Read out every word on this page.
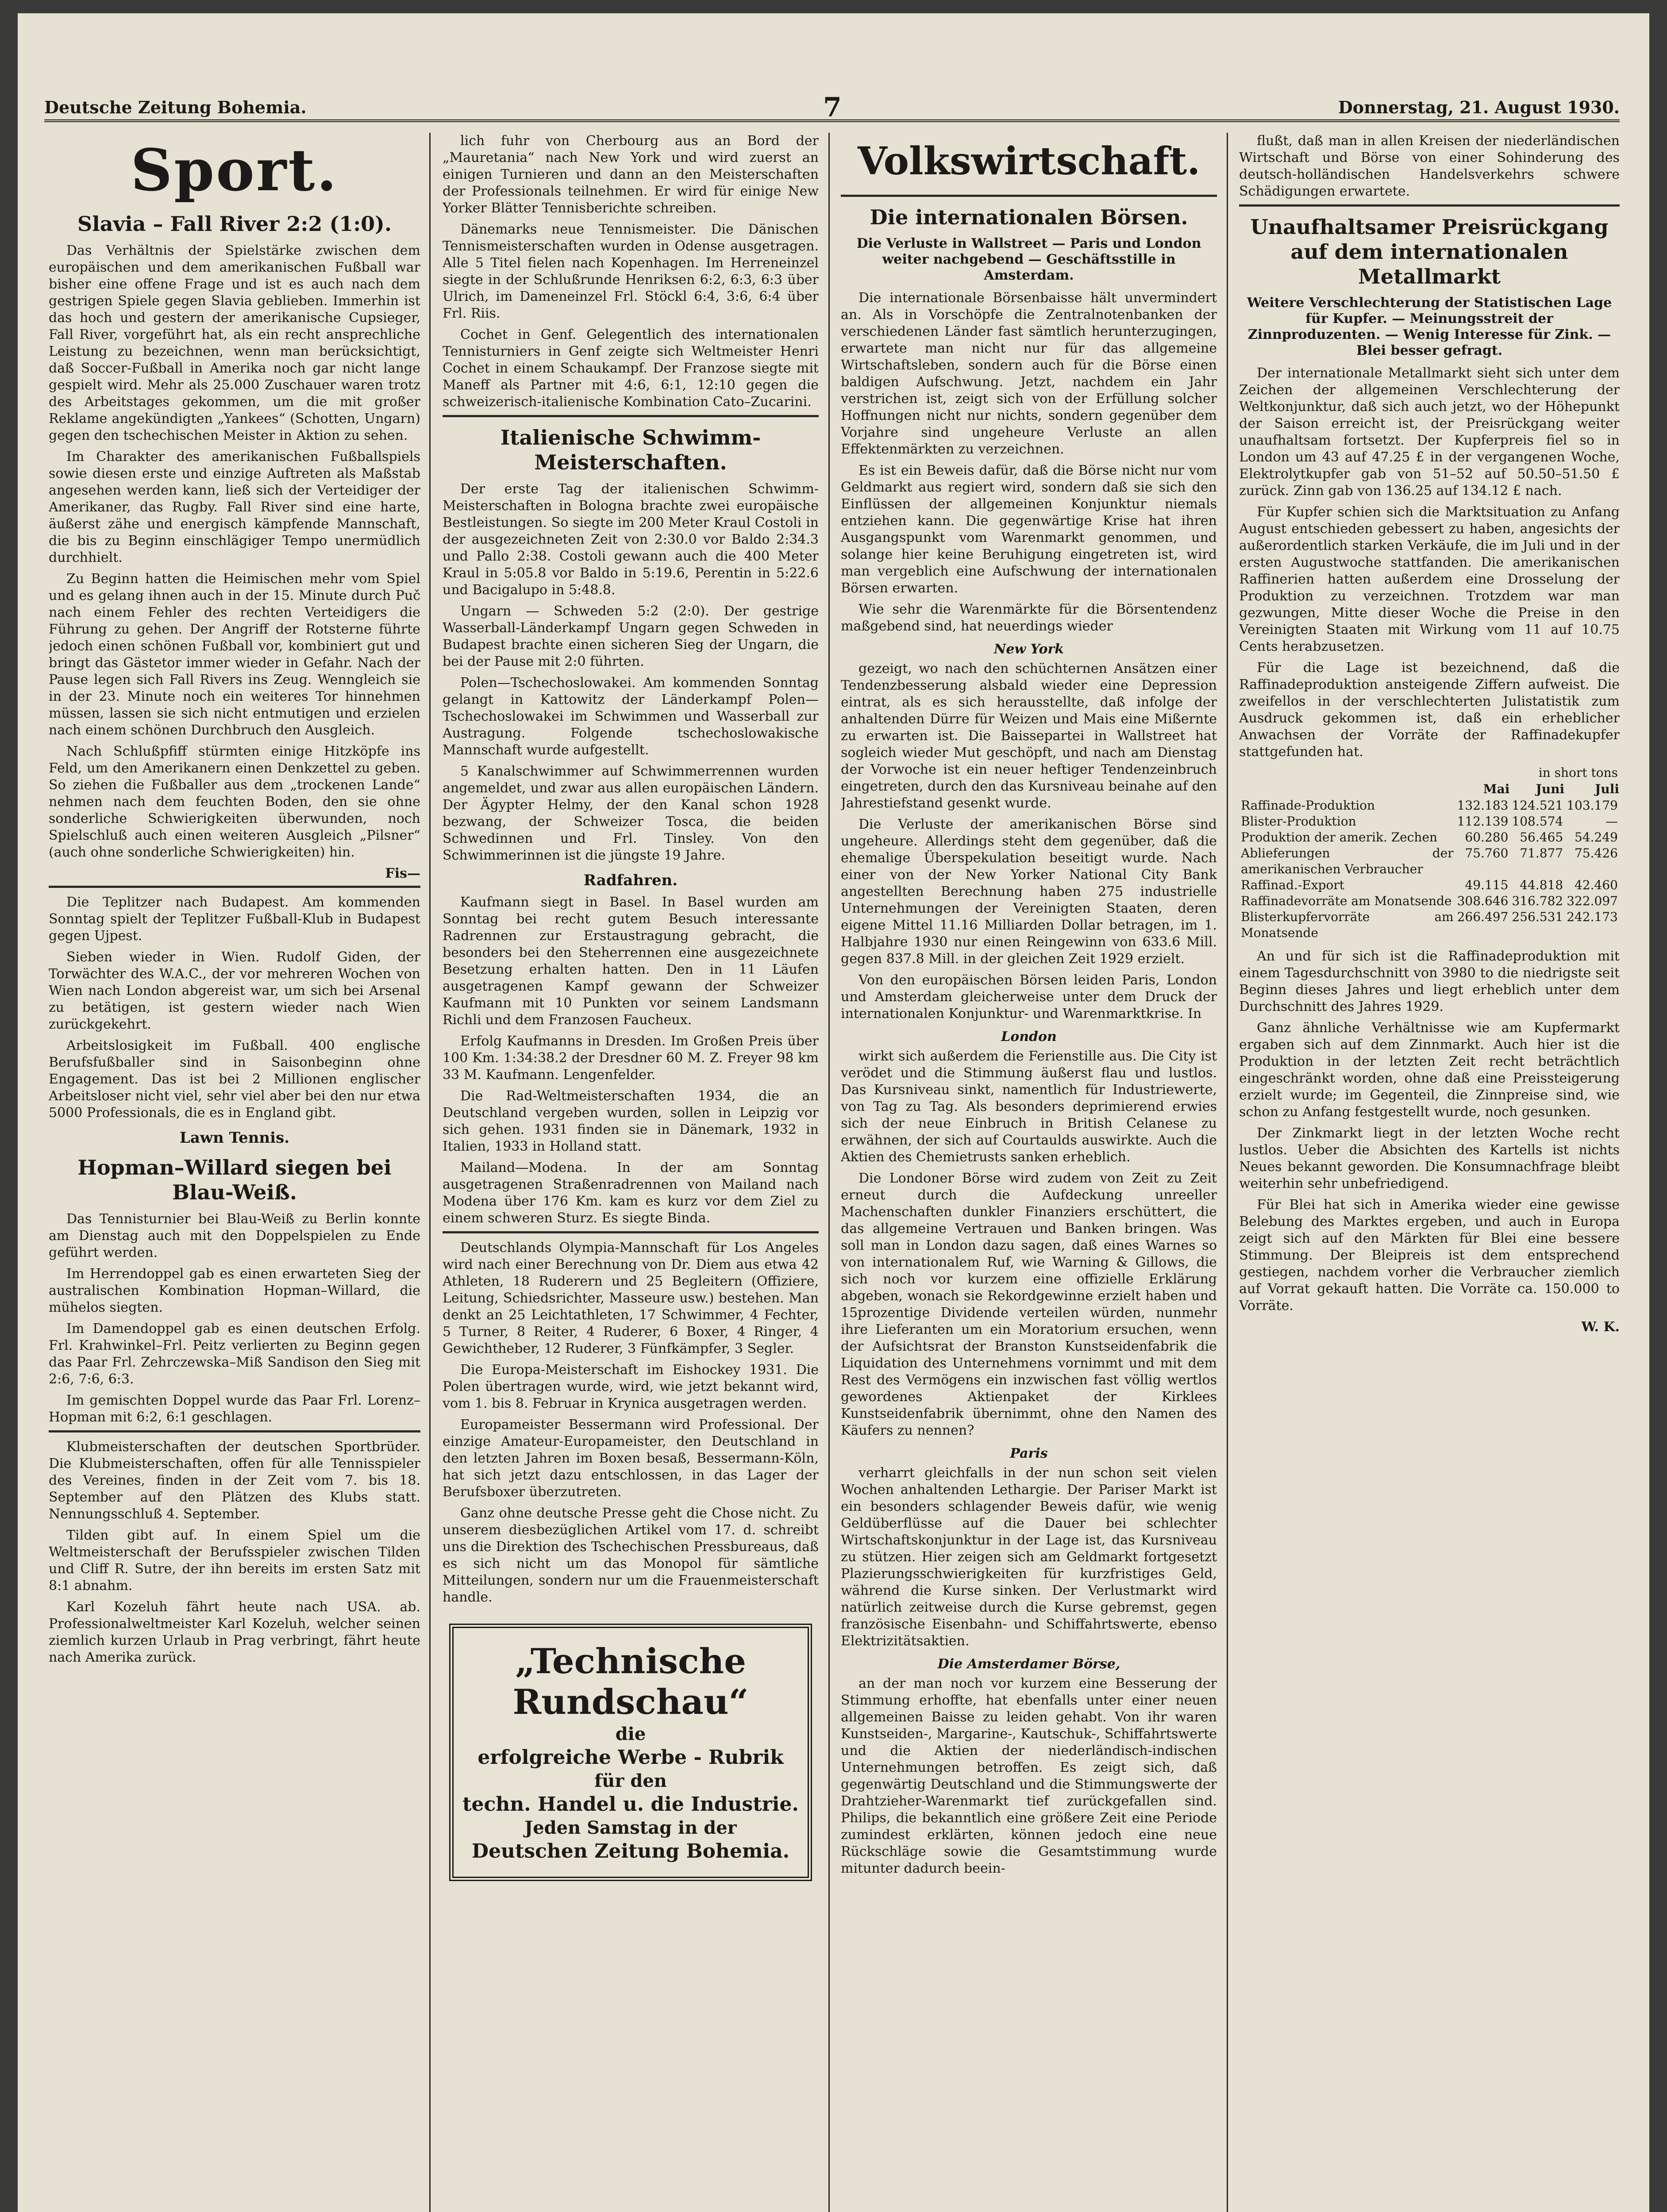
Deutsche Zeitung Bohemia.	7	Donnerstag, 21. August 1930.
Sport.
Slavia – Fall River 2:2 (1:0).

Das Verhältnis der Spielstärke zwischen dem europäischen und dem amerikanischen Fußball war bisher eine offene Frage und ist es auch nach dem gestrigen Spiele gegen Slavia geblieben. Immerhin ist das hoch und gestern der amerikanische Cupsieger, Fall River, vorgeführt hat, als ein recht ansprechliche Leistung zu bezeichnen, wenn man berücksichtigt, daß Soccer-Fußball in Amerika noch gar nicht lange gespielt wird. Mehr als 25.000 Zuschauer waren trotz des Arbeitstages gekommen, um die mit großer Reklame angekündigten „Yankees“ (Schotten, Ungarn) gegen den tschechischen Meister in Aktion zu sehen.

Im Charakter des amerikanischen Fußballspiels sowie diesen erste und einzige Auftreten als Maßstab angesehen werden kann, ließ sich der Verteidiger der Amerikaner, das Rugby. Fall River sind eine harte, äußerst zähe und energisch kämpfende Mannschaft, die bis zu Beginn einschlägiger Tempo unermüdlich durchhielt.

Zu Beginn hatten die Heimischen mehr vom Spiel und es gelang ihnen auch in der 15. Minute durch Puč nach einem Fehler des rechten Verteidigers die Führung zu gehen. Der Angriff der Rotsterne führte jedoch einen schönen Fußball vor, kombiniert gut und bringt das Gästetor immer wieder in Gefahr. Nach der Pause legen sich Fall Rivers ins Zeug. Wenngleich sie in der 23. Minute noch ein weiteres Tor hinnehmen müssen, lassen sie sich nicht entmutigen und erzielen nach einem schönen Durchbruch den Ausgleich.

Nach Schlußpfiff stürmten einige Hitzköpfe ins Feld, um den Amerikanern einen Denkzettel zu geben. So ziehen die Fußballer aus dem „trockenen Lande“ nehmen nach dem feuchten Boden, den sie ohne sonderliche Schwierigkeiten überwunden, noch Spielschluß auch einen weiteren Ausgleich „Pilsner“ (auch ohne sonderliche Schwierigkeiten) hin.

Fis—

Die Teplitzer nach Budapest. Am kommenden Sonntag spielt der Teplitzer Fußball-Klub in Budapest gegen Ujpest.

Sieben wieder in Wien. Rudolf Giden, der Torwächter des W.A.C., der vor mehreren Wochen von Wien nach London abgereist war, um sich bei Arsenal zu betätigen, ist gestern wieder nach Wien zurückgekehrt.

Arbeitslosigkeit im Fußball. 400 englische Berufsfußballer sind in Saisonbeginn ohne Engagement. Das ist bei 2 Millionen englischer Arbeitsloser nicht viel, sehr viel aber bei den nur etwa 5000 Professionals, die es in England gibt.

Lawn Tennis.
Hopman–Willard siegen bei Blau-Weiß.

Das Tennisturnier bei Blau-Weiß zu Berlin konnte am Dienstag auch mit den Doppelspielen zu Ende geführt werden.

Im Herrendoppel gab es einen erwarteten Sieg der australischen Kombination Hopman–Willard, die mühelos siegten.

Im Damendoppel gab es einen deutschen Erfolg. Frl. Krahwinkel–Frl. Peitz verlierten zu Beginn gegen das Paar Frl. Zehrczewska–Miß Sandison den Sieg mit 2:6, 7:6, 6:3.

Im gemischten Doppel wurde das Paar Frl. Lorenz–Hopman mit 6:2, 6:1 geschlagen.

Klubmeisterschaften der deutschen Sportbrüder. Die Klubmeisterschaften, offen für alle Tennisspieler des Vereines, finden in der Zeit vom 7. bis 18. September auf den Plätzen des Klubs statt. Nennungsschluß 4. September.

Tilden gibt auf. In einem Spiel um die Weltmeisterschaft der Berufsspieler zwischen Tilden und Cliff R. Sutre, der ihn bereits im ersten Satz mit 8:1 abnahm.

Karl Kozeluh fährt heute nach USA. ab. Professionalweltmeister Karl Kozeluh, welcher seinen ziemlich kurzen Urlaub in Prag verbringt, fährt heute nach Amerika zurück.

lich fuhr von Cherbourg aus an Bord der „Mauretania“ nach New York und wird zuerst an einigen Turnieren und dann an den Meisterschaften der Professionals teilnehmen. Er wird für einige New Yorker Blätter Tennisberichte schreiben.

Dänemarks neue Tennismeister. Die Dänischen Tennismeisterschaften wurden in Odense ausgetragen. Alle 5 Titel fielen nach Kopenhagen. Im Herreneinzel siegte in der Schlußrunde Henriksen 6:2, 6:3, 6:3 über Ulrich, im Dameneinzel Frl. Stöckl 6:4, 3:6, 6:4 über Frl. Riis.

Cochet in Genf. Gelegentlich des internationalen Tennisturniers in Genf zeigte sich Weltmeister Henri Cochet in einem Schaukampf. Der Franzose siegte mit Maneff als Partner mit 4:6, 6:1, 12:10 gegen die schweizerisch-italienische Kombination Cato–Zucarini.

Italienische Schwimm-Meisterschaften.

Der erste Tag der italienischen Schwimm-Meisterschaften in Bologna brachte zwei europäische Bestleistungen. So siegte im 200 Meter Kraul Costoli in der ausgezeichneten Zeit von 2:30.0 vor Baldo 2:34.3 und Pallo 2:38. Costoli gewann auch die 400 Meter Kraul in 5:05.8 vor Baldo in 5:19.6, Perentin in 5:22.6 und Bacigalupo in 5:48.8.

Ungarn — Schweden 5:2 (2:0). Der gestrige Wasserball-Länderkampf Ungarn gegen Schweden in Budapest brachte einen sicheren Sieg der Ungarn, die bei der Pause mit 2:0 führten.

Polen—Tschechoslowakei. Am kommenden Sonntag gelangt in Kattowitz der Länderkampf Polen—Tschechoslowakei im Schwimmen und Wasserball zur Austragung. Folgende tschechoslowakische Mannschaft wurde aufgestellt.

5 Kanalschwimmer auf Schwimmerrennen wurden angemeldet, und zwar aus allen europäischen Ländern. Der Ägypter Helmy, der den Kanal schon 1928 bezwang, der Schweizer Tosca, die beiden Schwedinnen und Frl. Tinsley. Von den Schwimmerinnen ist die jüngste 19 Jahre.

Radfahren.

Kaufmann siegt in Basel. In Basel wurden am Sonntag bei recht gutem Besuch interessante Radrennen zur Erstaustragung gebracht, die besonders bei den Steherrennen eine ausgezeichnete Besetzung erhalten hatten. Den in 11 Läufen ausgetragenen Kampf gewann der Schweizer Kaufmann mit 10 Punkten vor seinem Landsmann Richli und dem Franzosen Faucheux.

Erfolg Kaufmanns in Dresden. Im Großen Preis über 100 Km. 1:34:38.2 der Dresdner 60 M. Z. Freyer 98 km 33 M. Kaufmann. Lengenfelder.

Die Rad-Weltmeisterschaften 1934, die an Deutschland vergeben wurden, sollen in Leipzig vor sich gehen. 1931 finden sie in Dänemark, 1932 in Italien, 1933 in Holland statt.

Mailand—Modena. In der am Sonntag ausgetragenen Straßenradrennen von Mailand nach Modena über 176 Km. kam es kurz vor dem Ziel zu einem schweren Sturz. Es siegte Binda.

Deutschlands Olympia-Mannschaft für Los Angeles wird nach einer Berechnung von Dr. Diem aus etwa 42 Athleten, 18 Ruderern und 25 Begleitern (Offiziere, Leitung, Schiedsrichter, Masseure usw.) bestehen. Man denkt an 25 Leichtathleten, 17 Schwimmer, 4 Fechter, 5 Turner, 8 Reiter, 4 Ruderer, 6 Boxer, 4 Ringer, 4 Gewichtheber, 12 Ruderer, 3 Fünfkämpfer, 3 Segler.

Die Europa-Meisterschaft im Eishockey 1931. Die Polen übertragen wurde, wird, wie jetzt bekannt wird, vom 1. bis 8. Februar in Krynica ausgetragen werden.

Europameister Bessermann wird Professional. Der einzige Amateur-Europameister, den Deutschland in den letzten Jahren im Boxen besaß, Bessermann-Köln, hat sich jetzt dazu entschlossen, in das Lager der Berufsboxer überzutreten.

Ganz ohne deutsche Presse geht die Chose nicht. Zu unserem diesbezüglichen Artikel vom 17. d. schreibt uns die Direktion des Tschechischen Pressbureaus, daß es sich nicht um das Monopol für sämtliche Mitteilungen, sondern nur um die Frauenmeisterschaft handle.

„Technische Rundschau“
die
erfolgreiche Werbe - Rubrik
für den
techn. Handel u. die Industrie.
Jeden Samstag in der
Deutschen Zeitung Bohemia.
Volkswirtschaft.
Die internationalen Börsen.
Die Verluste in Wallstreet — Paris und London weiter nachgebend — Geschäftsstille in Amsterdam.

Die internationale Börsenbaisse hält unvermindert an. Als in Vorschöpfe die Zentralnotenbanken der verschiedenen Länder fast sämtlich herunterzugingen, erwartete man nicht nur für das allgemeine Wirtschaftsleben, sondern auch für die Börse einen baldigen Aufschwung. Jetzt, nachdem ein Jahr verstrichen ist, zeigt sich von der Erfüllung solcher Hoffnungen nicht nur nichts, sondern gegenüber dem Vorjahre sind ungeheure Verluste an allen Effektenmärkten zu verzeichnen.

Es ist ein Beweis dafür, daß die Börse nicht nur vom Geldmarkt aus regiert wird, sondern daß sie sich den Einflüssen der allgemeinen Konjunktur niemals entziehen kann. Die gegenwärtige Krise hat ihren Ausgangspunkt vom Warenmarkt genommen, und solange hier keine Beruhigung eingetreten ist, wird man vergeblich eine Aufschwung der internationalen Börsen erwarten.

Wie sehr die Warenmärkte für die Börsentendenz maßgebend sind, hat neuerdings wieder

New York

gezeigt, wo nach den schüchternen Ansätzen einer Tendenzbesserung alsbald wieder eine Depression eintrat, als es sich herausstellte, daß infolge der anhaltenden Dürre für Weizen und Mais eine Mißernte zu erwarten ist. Die Baissepartei in Wallstreet hat sogleich wieder Mut geschöpft, und nach am Dienstag der Vorwoche ist ein neuer heftiger Tendenzeinbruch eingetreten, durch den das Kursniveau beinahe auf den Jahrestiefstand gesenkt wurde.

Die Verluste der amerikanischen Börse sind ungeheure. Allerdings steht dem gegenüber, daß die ehemalige Überspekulation beseitigt wurde. Nach einer von der New Yorker National City Bank angestellten Berechnung haben 275 industrielle Unternehmungen der Vereinigten Staaten, deren eigene Mittel 11.16 Milliarden Dollar betragen, im 1. Halbjahre 1930 nur einen Reingewinn von 633.6 Mill. gegen 837.8 Mill. in der gleichen Zeit 1929 erzielt.

Von den europäischen Börsen leiden Paris, London und Amsterdam gleicherweise unter dem Druck der internationalen Konjunktur- und Warenmarktkrise. In

London

wirkt sich außerdem die Ferienstille aus. Die City ist verödet und die Stimmung äußerst flau und lustlos. Das Kursniveau sinkt, namentlich für Industriewerte, von Tag zu Tag. Als besonders deprimierend erwies sich der neue Einbruch in British Celanese zu erwähnen, der sich auf Courtaulds auswirkte. Auch die Aktien des Chemietrusts sanken erheblich.

Die Londoner Börse wird zudem von Zeit zu Zeit erneut durch die Aufdeckung unreeller Machenschaften dunkler Finanziers erschüttert, die das allgemeine Vertrauen und Banken bringen. Was soll man in London dazu sagen, daß eines Warnes so von internationalem Ruf, wie Warning & Gillows, die sich noch vor kurzem eine offizielle Erklärung abgeben, wonach sie Rekordgewinne erzielt haben und 15prozentige Dividende verteilen würden, nunmehr ihre Lieferanten um ein Moratorium ersuchen, wenn der Aufsichtsrat der Branston Kunstseidenfabrik die Liquidation des Unternehmens vornimmt und mit dem Rest des Vermögens ein inzwischen fast völlig wertlos gewordenes Aktienpaket der Kirklees Kunstseidenfabrik übernimmt, ohne den Namen des Käufers zu nennen?

Paris

verharrt gleichfalls in der nun schon seit vielen Wochen anhaltenden Lethargie. Der Pariser Markt ist ein besonders schlagender Beweis dafür, wie wenig Geldüberflüsse auf die Dauer bei schlechter Wirtschaftskonjunktur in der Lage ist, das Kursniveau zu stützen. Hier zeigen sich am Geldmarkt fortgesetzt Plazierungsschwierigkeiten für kurzfristiges Geld, während die Kurse sinken. Der Verlustmarkt wird natürlich zeitweise durch die Kurse gebremst, gegen französische Eisenbahn- und Schiffahrtswerte, ebenso Elektrizitätsaktien.

Die Amsterdamer Börse,

an der man noch vor kurzem eine Besserung der Stimmung erhoffte, hat ebenfalls unter einer neuen allgemeinen Baisse zu leiden gehabt. Von ihr waren Kunstseiden-, Margarine-, Kautschuk-, Schiffahrtswerte und die Aktien der niederländisch-indischen Unternehmungen betroffen. Es zeigt sich, daß gegenwärtig Deutschland und die Stimmungswerte der Drahtzieher-Warenmarkt tief zurückgefallen sind. Philips, die bekanntlich eine größere Zeit eine Periode zumindest erklärten, können jedoch eine neue Rückschläge sowie die Gesamtstimmung wurde mitunter dadurch beein-

flußt, daß man in allen Kreisen der niederländischen Wirtschaft und Börse von einer Sohinderung des deutsch-holländischen Handelsverkehrs schwere Schädigungen erwartete.

Unaufhaltsamer Preisrückgang auf dem internationalen Metallmarkt
Weitere Verschlechterung der Statistischen Lage für Kupfer. — Meinungsstreit der Zinnproduzenten. — Wenig Interesse für Zink. — Blei besser gefragt.

Der internationale Metallmarkt sieht sich unter dem Zeichen der allgemeinen Verschlechterung der Weltkonjunktur, daß sich auch jetzt, wo der Höhepunkt der Saison erreicht ist, der Preisrückgang weiter unaufhaltsam fortsetzt. Der Kupferpreis fiel so in London um 43 auf 47.25 £ in der vergangenen Woche, Elektrolytkupfer gab von 51–52 auf 50.50–51.50 £ zurück. Zinn gab von 136.25 auf 134.12 £ nach.

Für Kupfer schien sich die Marktsituation zu Anfang August entschieden gebessert zu haben, angesichts der außerordentlich starken Verkäufe, die im Juli und in der ersten Augustwoche stattfanden. Die amerikanischen Raffinerien hatten außerdem eine Drosselung der Produktion zu verzeichnen. Trotzdem war man gezwungen, Mitte dieser Woche die Preise in den Vereinigten Staaten mit Wirkung vom 11 auf 10.75 Cents herabzusetzen.

Für die Lage ist bezeichnend, daß die Raffinadeproduktion ansteigende Ziffern aufweist. Die zweifellos in der verschlechterten Julistatistik zum Ausdruck gekommen ist, daß ein erheblicher Anwachsen der Vorräte der Raffinadekupfer stattgefunden hat.

	in short tons		
	Mai	Juni	Juli
Raffinade-Produktion	132.183	124.521	103.179
Blister-Produktion	112.139	108.574	—
Produktion der amerik. Zechen	60.280	56.465	54.249
Ablieferungen der amerikanischen Verbraucher	75.760	71.877	75.426
Raffinad.-Export	49.115	44.818	42.460
Raffinadevorräte am Monatsende	308.646	316.782	322.097
Blisterkupfervorräte am Monatsende	266.497	256.531	242.173

An und für sich ist die Raffinadeproduktion mit einem Tagesdurchschnitt von 3980 to die niedrigste seit Beginn dieses Jahres und liegt erheblich unter dem Durchschnitt des Jahres 1929.

Ganz ähnliche Verhältnisse wie am Kupfermarkt ergaben sich auf dem Zinnmarkt. Auch hier ist die Produktion in der letzten Zeit recht beträchtlich eingeschränkt worden, ohne daß eine Preissteigerung erzielt wurde; im Gegenteil, die Zinnpreise sind, wie schon zu Anfang festgestellt wurde, noch gesunken.

Der Zinkmarkt liegt in der letzten Woche recht lustlos. Ueber die Absichten des Kartells ist nichts Neues bekannt geworden. Die Konsumnachfrage bleibt weiterhin sehr unbefriedigend.

Für Blei hat sich in Amerika wieder eine gewisse Belebung des Marktes ergeben, und auch in Europa zeigt sich auf den Märkten für Blei eine bessere Stimmung. Der Bleipreis ist dem entsprechend gestiegen, nachdem vorher die Verbraucher ziemlich auf Vorrat gekauft hatten. Die Vorräte ca. 150.000 to Vorräte.

W. K.
